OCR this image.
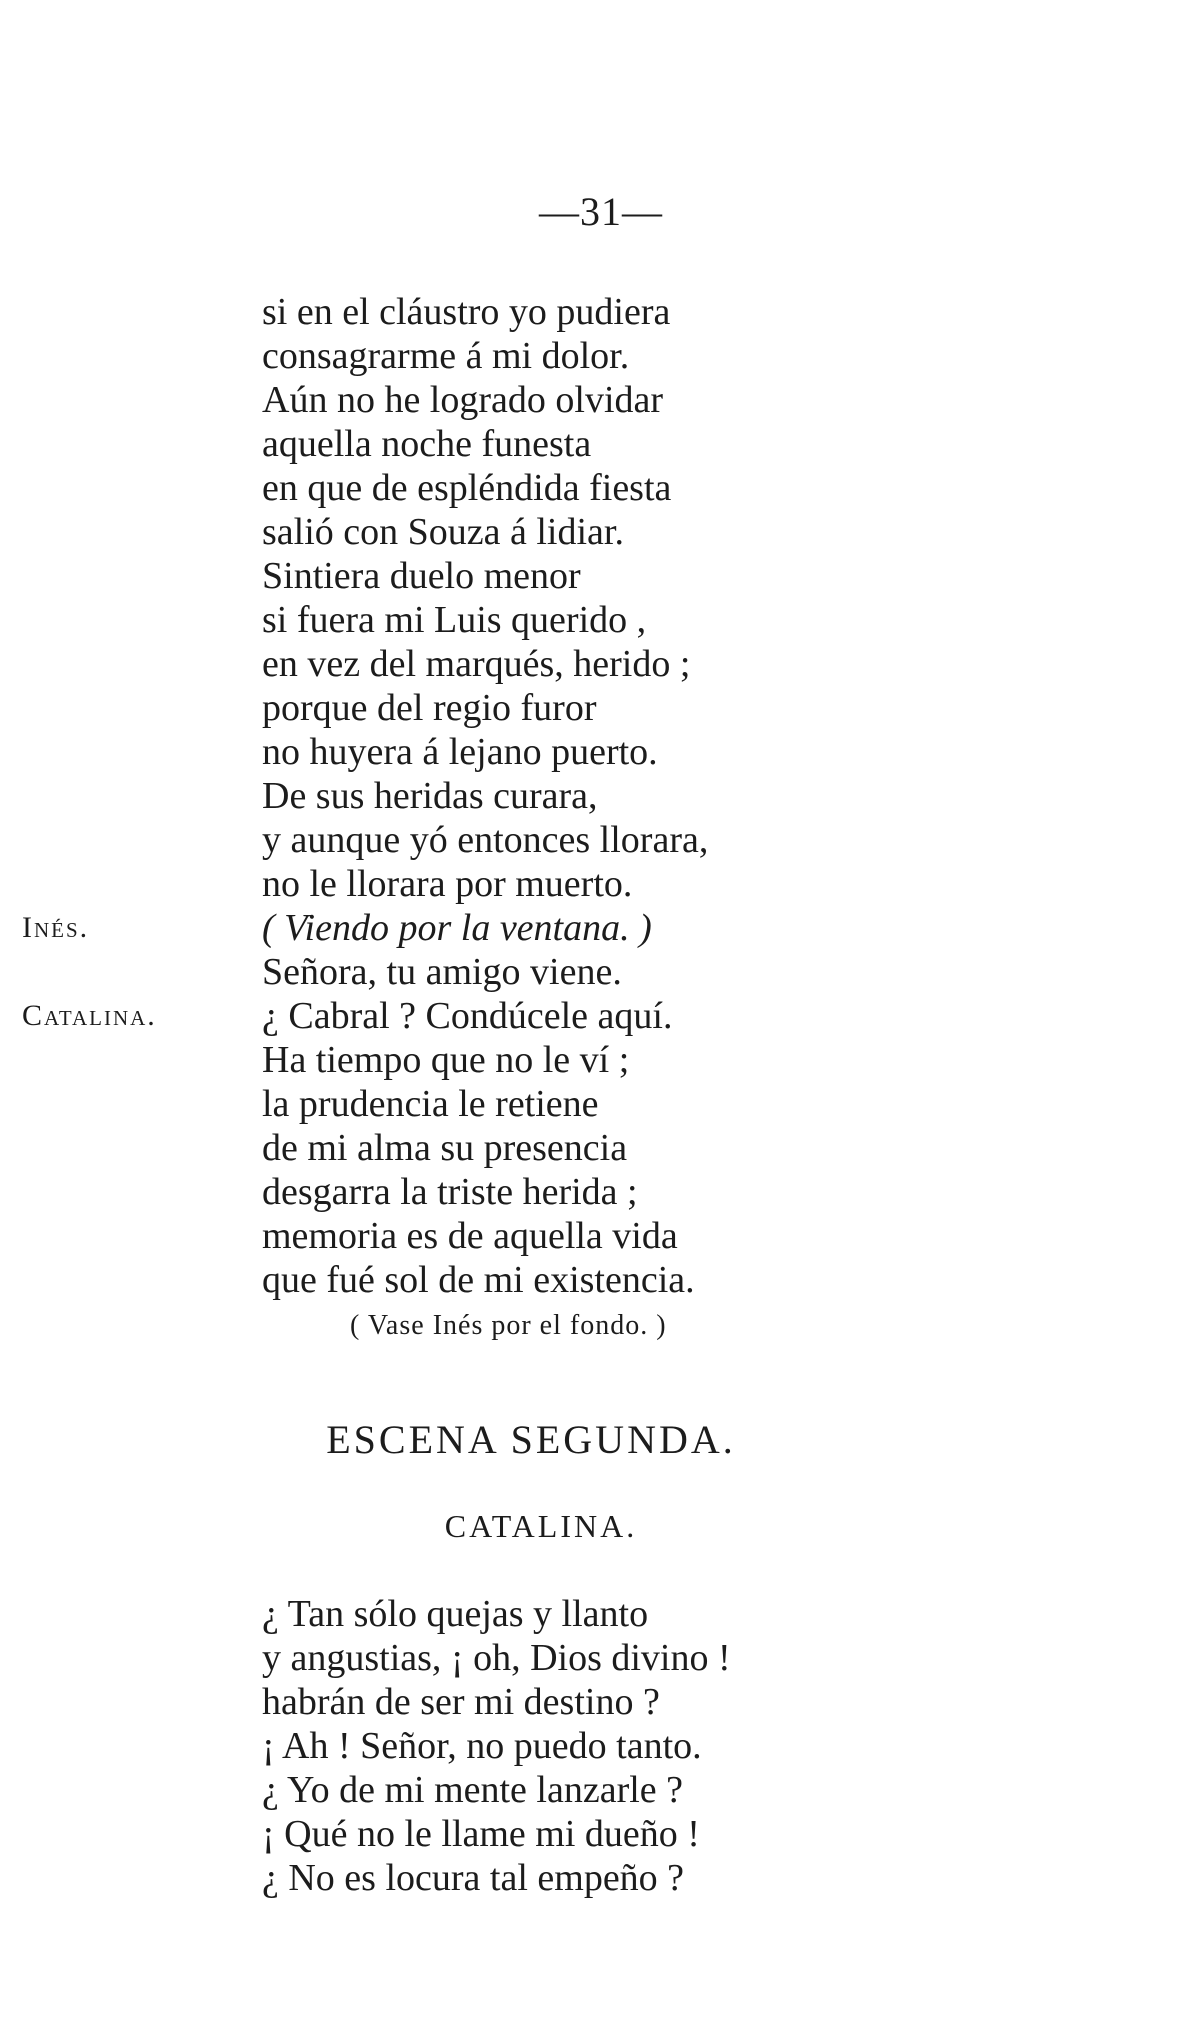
—31—
si en el cláustro yo pudiera
consagrarme á mi dolor.
Aún no he logrado olvidar
aquella noche funesta
en que de espléndida fiesta
salió con Souza á lidiar.
Sintiera duelo menor
si fuera mi Luis querido ,
en vez del marqués, herido ;
porque del regio furor
no huyera á lejano puerto.
De sus heridas curara,
y aunque yó entonces llorara,
no le llorara por muerto.
Inés.	( Viendo por la ventana. )
Señora, tu amigo viene.
Catalina.	¿ Cabral ? Condúcele aquí.
Ha tiempo que no le ví ;
la prudencia le retiene
de mi alma su presencia
desgarra la triste herida ;
memoria es de aquella vida
que fué sol de mi existencia.
( Vase Inés por el fondo. )
ESCENA SEGUNDA.
CATALINA.
¿ Tan sólo quejas y llanto
y angustias, ¡ oh, Dios divino !
habrán de ser mi destino ?
¡ Ah ! Señor, no puedo tanto.
¿ Yo de mi mente lanzarle ?
¡ Qué no le llame mi dueño !
¿ No es locura tal empeño ?
